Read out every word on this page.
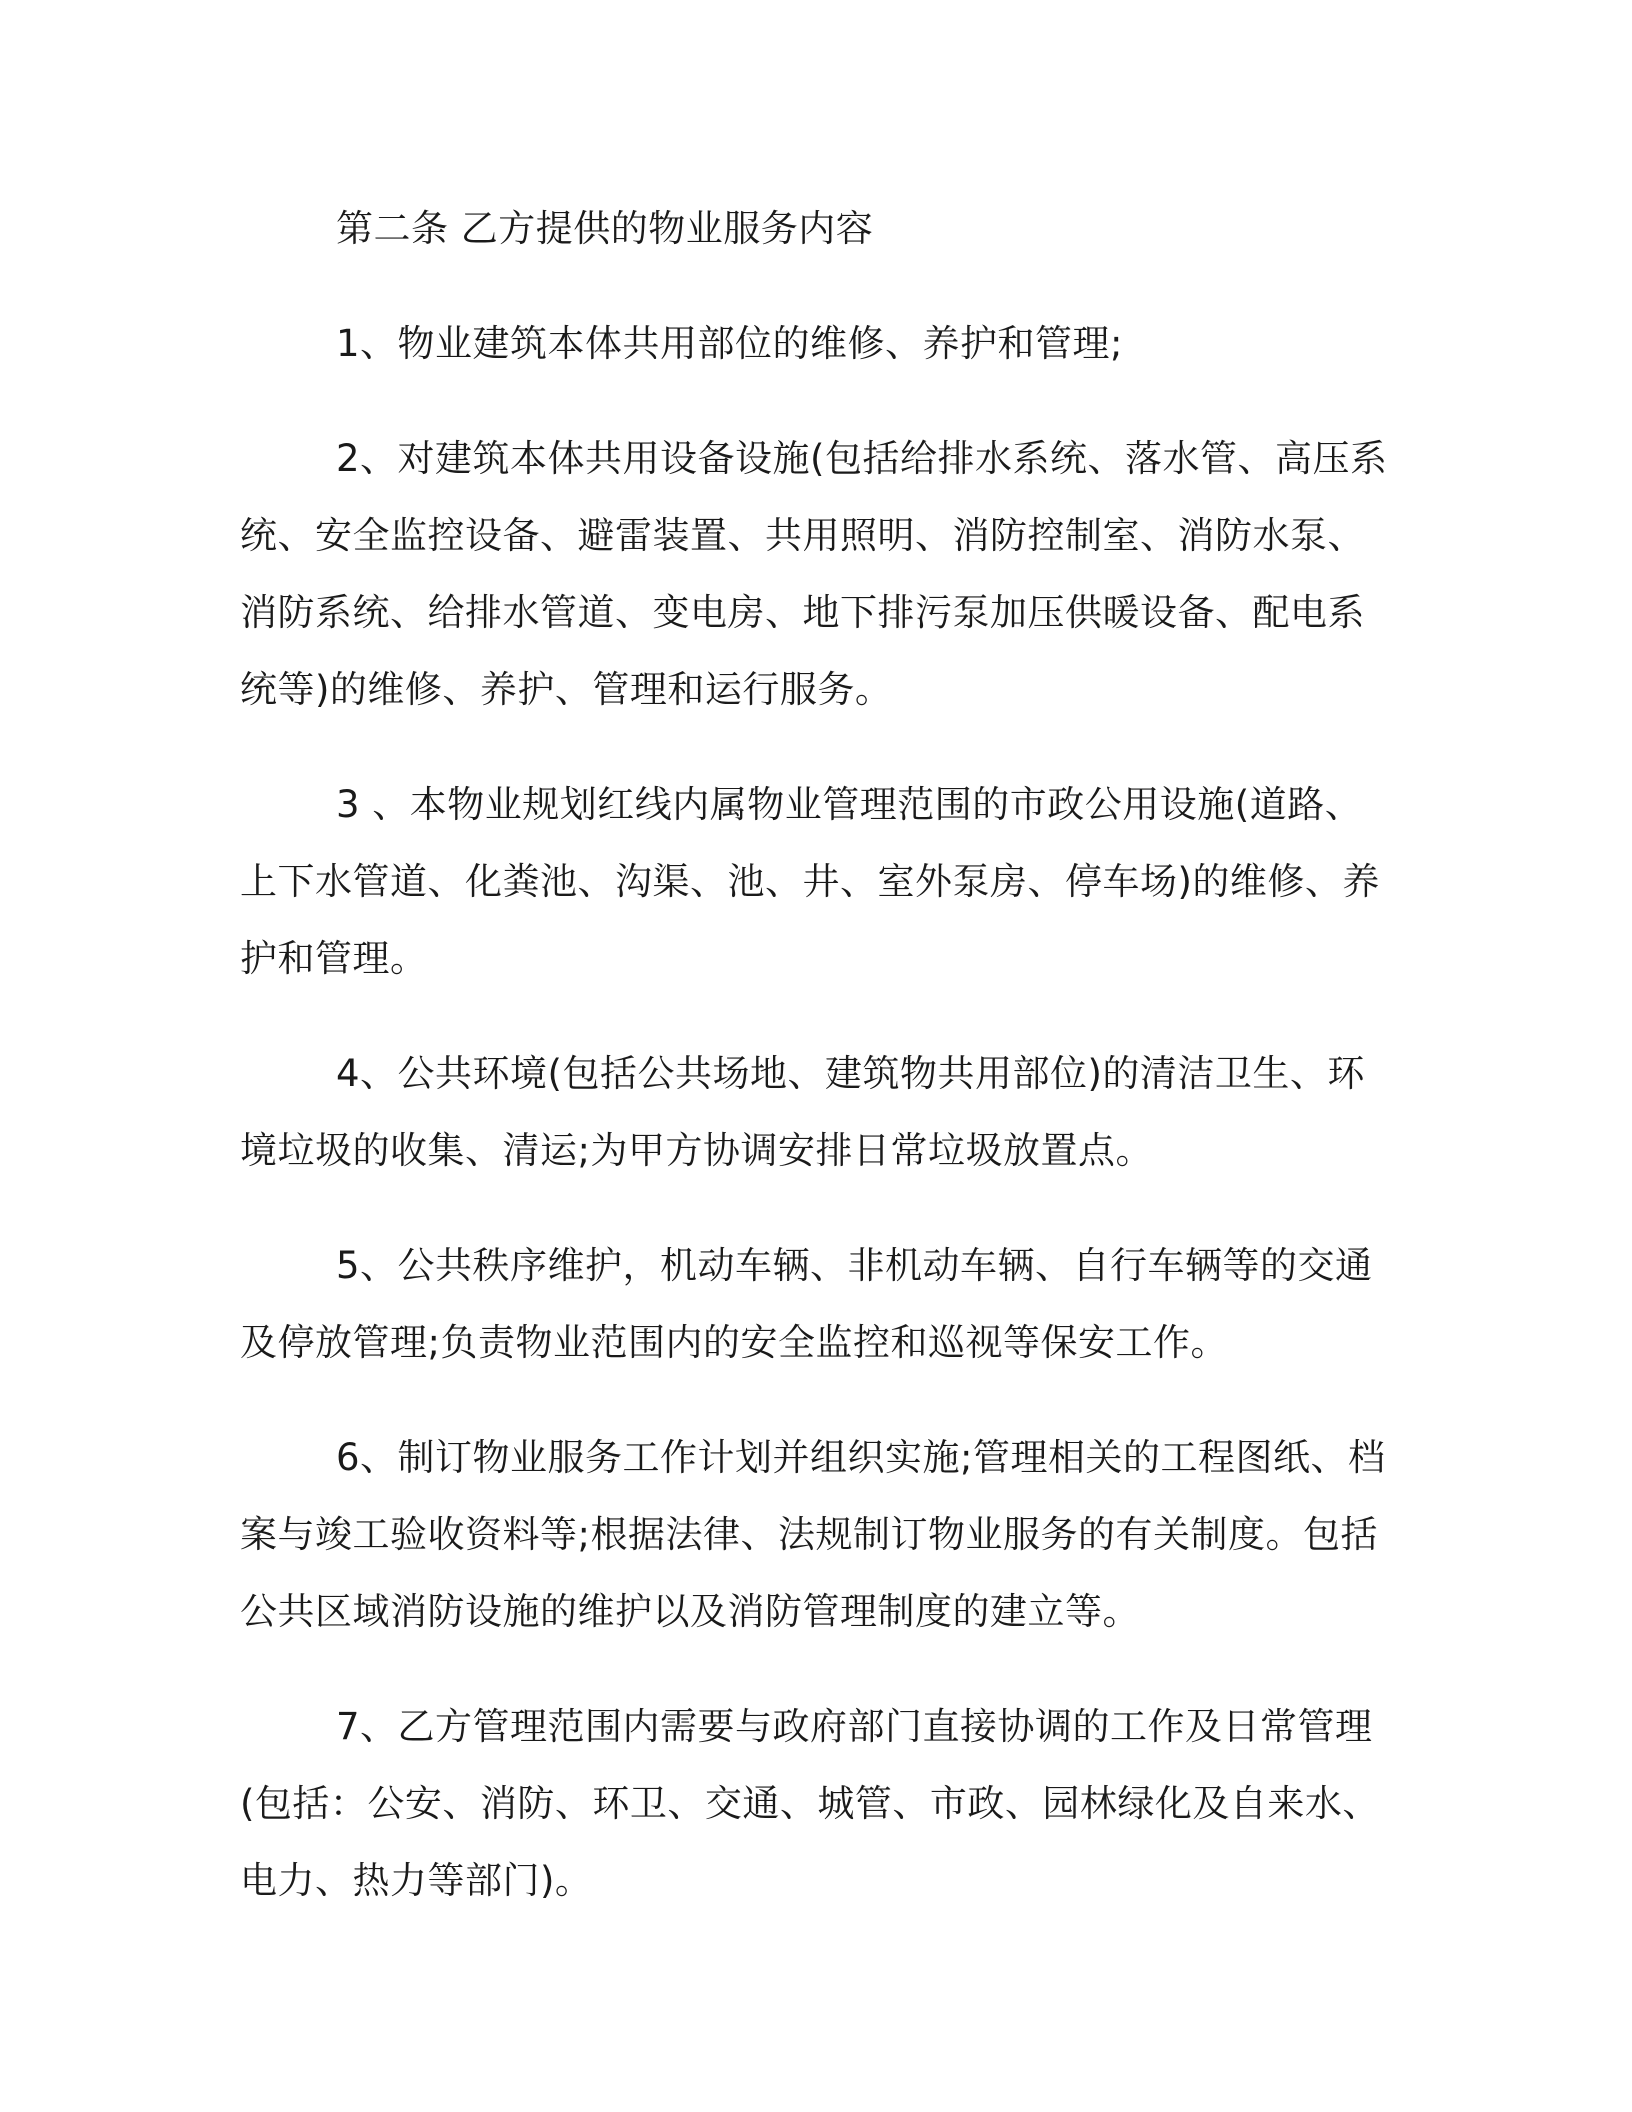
第二条 乙方提供的物业服务内容

1、物业建筑本体共用部位的维修、养护和管理;

2、对建筑本体共用设备设施(包括给排水系统、落水管、高压系统、安全监控设备、避雷装置、共用照明、消防控制室、消防水泵、消防系统、给排水管道、变电房、地下排污泵加压供暖设备、配电系统等)的维修、养护、管理和运行服务。

3 、本物业规划红线内属物业管理范围的市政公用设施(道路、上下水管道、化粪池、沟渠、池、井、室外泵房、停车场)的维修、养护和管理。

4、公共环境(包括公共场地、建筑物共用部位)的清洁卫生、环境垃圾的收集、清运;为甲方协调安排日常垃圾放置点。

5、公共秩序维护，机动车辆、非机动车辆、自行车辆等的交通及停放管理;负责物业范围内的安全监控和巡视等保安工作。

6、制订物业服务工作计划并组织实施;管理相关的工程图纸、档案与竣工验收资料等;根据法律、法规制订物业服务的有关制度。包括公共区域消防设施的维护以及消防管理制度的建立等。

7、乙方管理范围内需要与政府部门直接协调的工作及日常管理(包括：公安、消防、环卫、交通、城管、市政、园林绿化及自来水、电力、热力等部门)。
